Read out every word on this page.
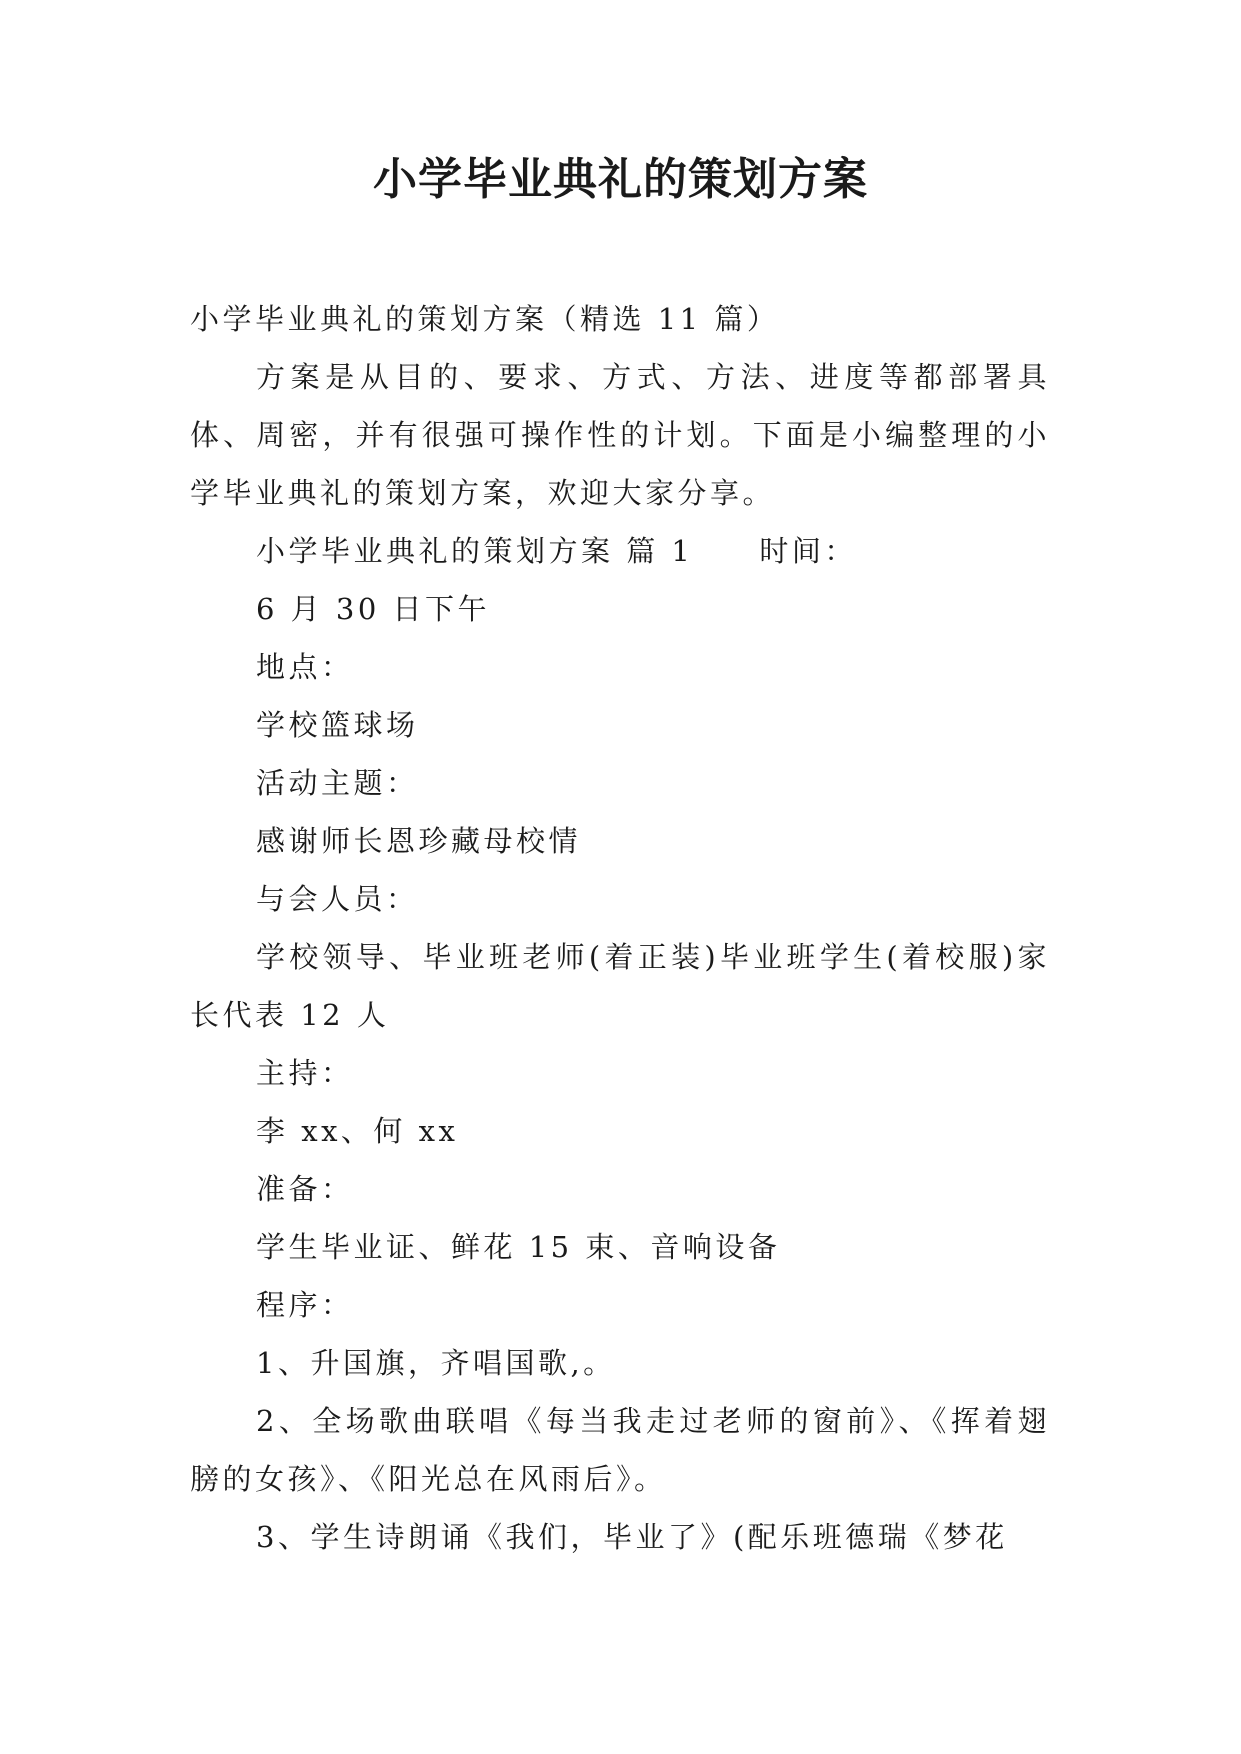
小学毕业典礼的策划方案

小学毕业典礼的策划方案（精选 11 篇）

方案是从目的、要求、方式、方法、进度等都部署具体、周密，并有很强可操作性的计划。下面是小编整理的小学毕业典礼的策划方案，欢迎大家分享。

小学毕业典礼的策划方案 篇 1 时间：

6 月 30 日下午

地点：

学校篮球场

活动主题：

感谢师长恩珍藏母校情

与会人员：

学校领导、毕业班老师(着正装)毕业班学生(着校服)家长代表 12 人

主持：

李 xx、何 xx

准备：

学生毕业证、鲜花 15 束、音响设备

程序：

1、升国旗，齐唱国歌,。

2、全场歌曲联唱《每当我走过老师的窗前》、《挥着翅膀的女孩》、《阳光总在风雨后》。

3、学生诗朗诵《我们，毕业了》(配乐班德瑞《梦花
